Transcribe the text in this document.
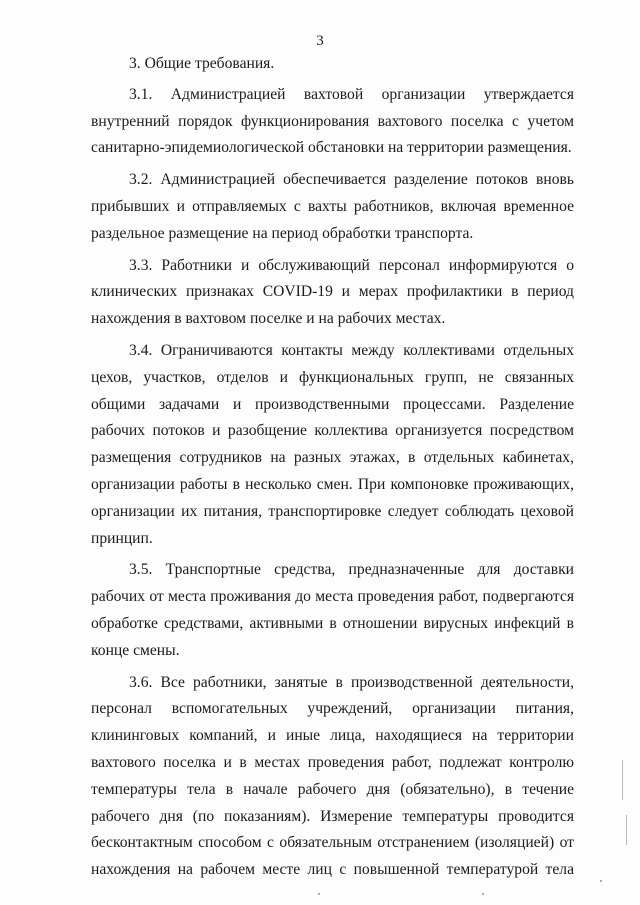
3

3. Общие требования.

3.1. Администрацией вахтовой организации утверждается внутренний порядок функционирования вахтового поселка с учетом санитарно-эпидемиологической обстановки на территории размещения.

3.2. Администрацией обеспечивается разделение потоков вновь прибывших и отправляемых с вахты работников, включая временное раздельное размещение на период обработки транспорта.

3.3. Работники и обслуживающий персонал информируются о клинических признаках COVID-19 и мерах профилактики в период нахождения в вахтовом поселке и на рабочих местах.

3.4. Ограничиваются контакты между коллективами отдельных цехов, участков, отделов и функциональных групп, не связанных общими задачами и производственными процессами. Разделение рабочих потоков и разобщение коллектива организуется посредством размещения сотрудников на разных этажах, в отдельных кабинетах, организации работы в несколько смен. При компоновке проживающих, организации их питания, транспортировке следует соблюдать цеховой принцип.

3.5. Транспортные средства, предназначенные для доставки рабочих от места проживания до места проведения работ, подвергаются обработке средствами, активными в отношении вирусных инфекций в конце смены.

3.6. Все работники, занятые в производственной деятельности, персонал вспомогательных учреждений, организации питания, клининговых компаний, и иные лица, находящиеся на территории вахтового поселка и в местах проведения работ, подлежат контролю температуры тела в начале рабочего дня (обязательно), в течение рабочего дня (по показаниям). Измерение температуры проводится бесконтактным способом с обязательным отстранением (изоляцией) от нахождения на рабочем месте лиц с повышенной температурой тела
